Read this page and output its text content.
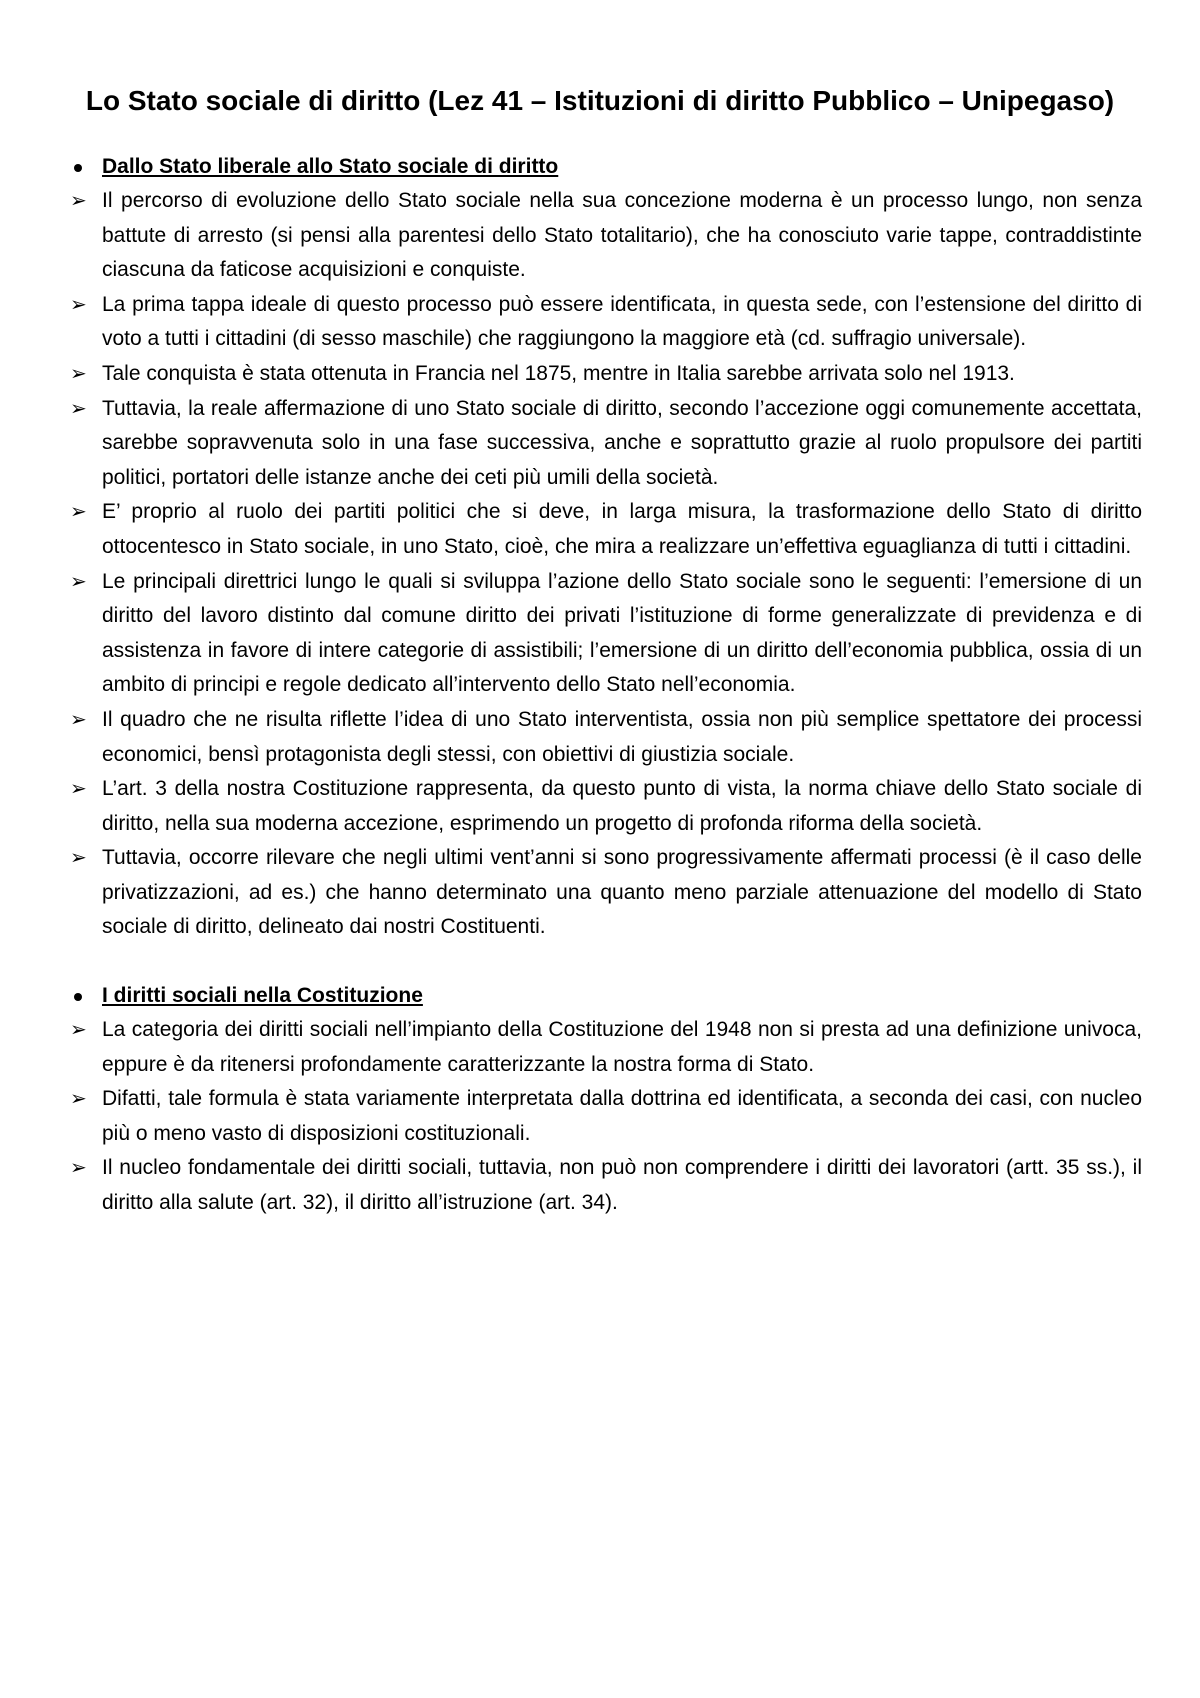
Lo Stato sociale di diritto (Lez 41 – Istituzioni di diritto Pubblico – Unipegaso)
Dallo Stato liberale allo Stato sociale di diritto
➢ Il percorso di evoluzione dello Stato sociale nella sua concezione moderna è un processo lungo, non senza battute di arresto (si pensi alla parentesi dello Stato totalitario), che ha conosciuto varie tappe, contraddistinte ciascuna da faticose acquisizioni e conquiste.
➢ La prima tappa ideale di questo processo può essere identificata, in questa sede, con l’estensione del diritto di voto a tutti i cittadini (di sesso maschile) che raggiungono la maggiore età (cd. suffragio universale).
➢ Tale conquista è stata ottenuta in Francia nel 1875, mentre in Italia sarebbe arrivata solo nel 1913.
➢ Tuttavia, la reale affermazione di uno Stato sociale di diritto, secondo l’accezione oggi comunemente accettata, sarebbe sopravvenuta solo in una fase successiva, anche e soprattutto grazie al ruolo propulsore dei partiti politici, portatori delle istanze anche dei ceti più umili della società.
➢ E’ proprio al ruolo dei partiti politici che si deve, in larga misura, la trasformazione dello Stato di diritto ottocentesco in Stato sociale, in uno Stato, cioè, che mira a realizzare un’effettiva eguaglianza di tutti i cittadini.
➢ Le principali direttrici lungo le quali si sviluppa l’azione dello Stato sociale sono le seguenti: l’emersione di un diritto del lavoro distinto dal comune diritto dei privati l’istituzione di forme generalizzate di previdenza e di assistenza in favore di intere categorie di assistibili; l’emersione di un diritto dell’economia pubblica, ossia di un ambito di principi e regole dedicato all’intervento dello Stato nell’economia.
➢ Il quadro che ne risulta riflette l’idea di uno Stato interventista, ossia non più semplice spettatore dei processi economici, bensì protagonista degli stessi, con obiettivi di giustizia sociale.
➢ L’art. 3 della nostra Costituzione rappresenta, da questo punto di vista, la norma chiave dello Stato sociale di diritto, nella sua moderna accezione, esprimendo un progetto di profonda riforma della società.
➢ Tuttavia, occorre rilevare che negli ultimi vent’anni si sono progressivamente affermati processi (è il caso delle privatizzazioni, ad es.) che hanno determinato una quanto meno parziale attenuazione del modello di Stato sociale di diritto, delineato dai nostri Costituenti.
I diritti sociali nella Costituzione
➢ La categoria dei diritti sociali nell’impianto della Costituzione del 1948 non si presta ad una definizione univoca, eppure è da ritenersi profondamente caratterizzante la nostra forma di Stato.
➢ Difatti, tale formula è stata variamente interpretata dalla dottrina ed identificata, a seconda dei casi, con nucleo più o meno vasto di disposizioni costituzionali.
➢ Il nucleo fondamentale dei diritti sociali, tuttavia, non può non comprendere i diritti dei lavoratori (artt. 35 ss.), il diritto alla salute (art. 32), il diritto all’istruzione (art. 34).
